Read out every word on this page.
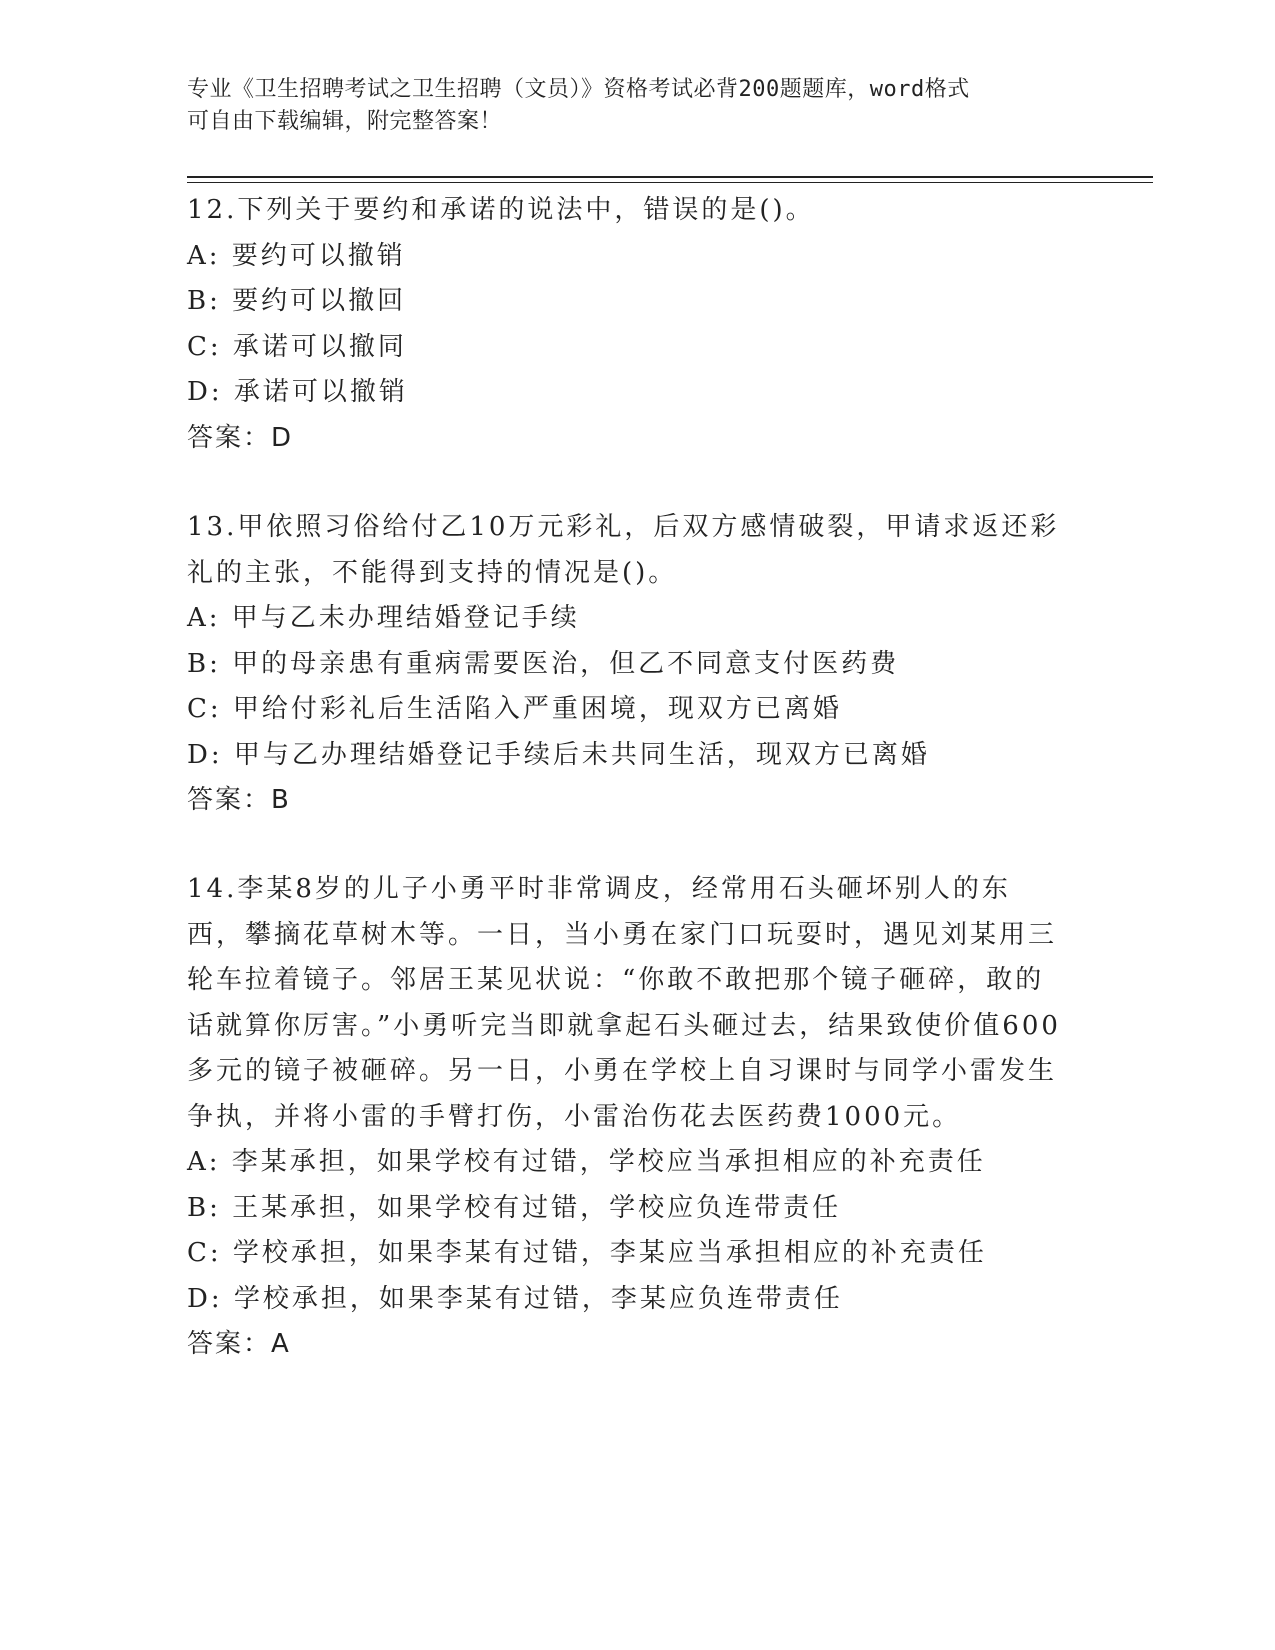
专业《卫生招聘考试之卫生招聘（文员）》资格考试必背200题题库，word格式
可自由下载编辑，附完整答案！

12.下列关于要约和承诺的说法中，错误的是()。

A: 要约可以撤销

B: 要约可以撤回

C: 承诺可以撤同

D: 承诺可以撤销

答案：D

13.甲依照习俗给付乙10万元彩礼，后双方感情破裂，甲请求返还彩礼的主张，不能得到支持的情况是()。

A: 甲与乙未办理结婚登记手续

B: 甲的母亲患有重病需要医治，但乙不同意支付医药费

C: 甲给付彩礼后生活陷入严重困境，现双方已离婚

D: 甲与乙办理结婚登记手续后未共同生活，现双方已离婚

答案：B

14.李某8岁的儿子小勇平时非常调皮，经常用石头砸坏别人的东西，攀摘花草树木等。一日，当小勇在家门口玩耍时，遇见刘某用三轮车拉着镜子。邻居王某见状说：“你敢不敢把那个镜子砸碎，敢的话就算你厉害。”小勇听完当即就拿起石头砸过去，结果致使价值600多元的镜子被砸碎。另一日，小勇在学校上自习课时与同学小雷发生争执，并将小雷的手臂打伤，小雷治伤花去医药费1000元。

A: 李某承担，如果学校有过错，学校应当承担相应的补充责任

B: 王某承担，如果学校有过错，学校应负连带责任

C: 学校承担，如果李某有过错，李某应当承担相应的补充责任

D: 学校承担，如果李某有过错，李某应负连带责任

答案：A
